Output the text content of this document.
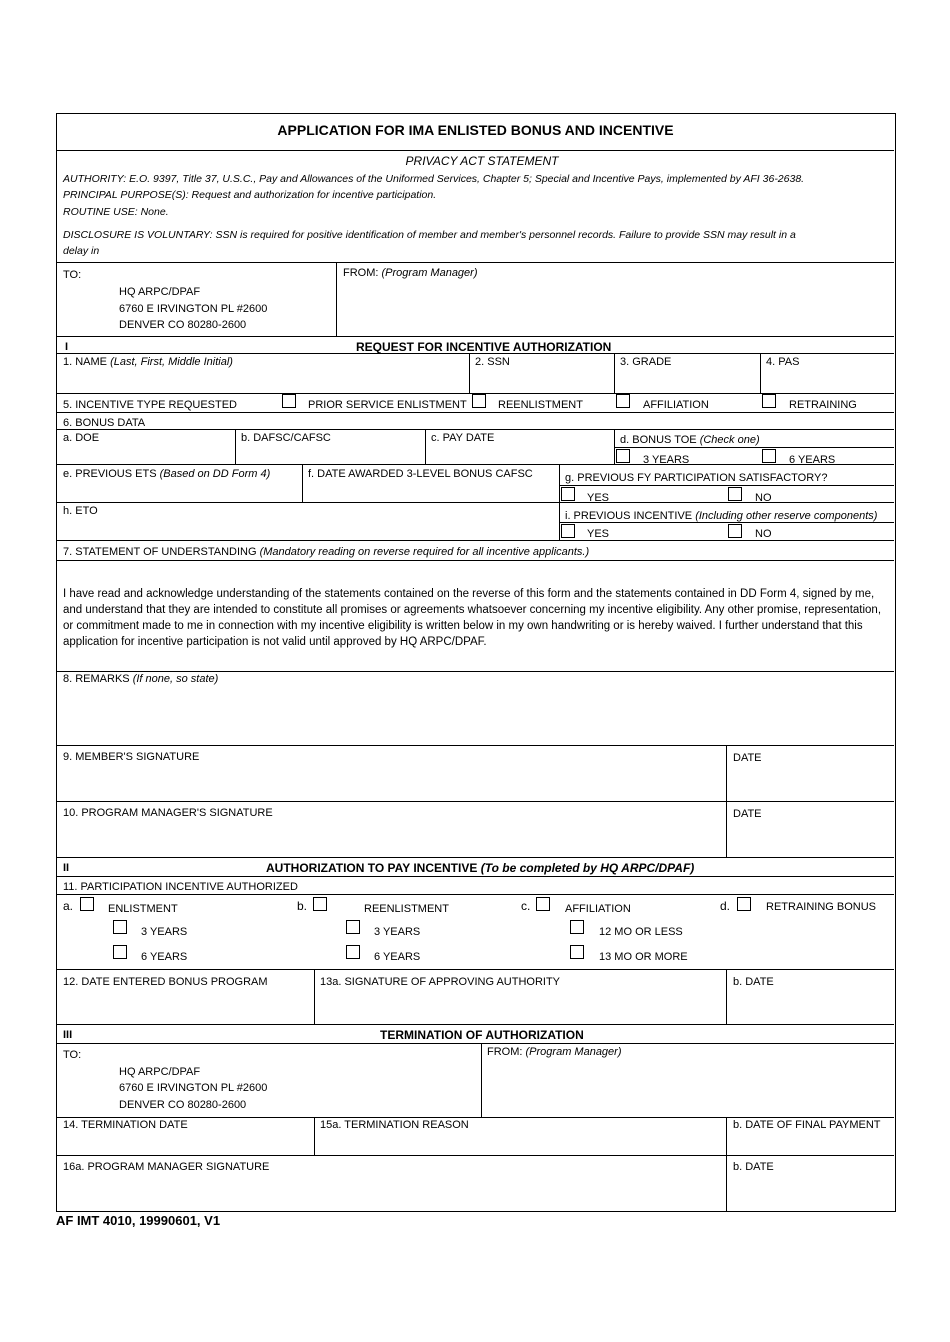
APPLICATION FOR IMA ENLISTED BONUS AND INCENTIVE
PRIVACY ACT STATEMENT
AUTHORITY: E.O. 9397, Title 37, U.S.C., Pay and Allowances of the Uniformed Services, Chapter 5; Special and Incentive Pays, implemented by AFI 36-2638.
PRINCIPAL PURPOSE(S): Request and authorization for incentive participation.
ROUTINE USE: None.
DISCLOSURE IS VOLUNTARY: SSN is required for positive identification of member and member's personnel records. Failure to provide SSN may result in a
delay in
TO:
HQ ARPC/DPAF
6760 E IRVINGTON PL #2600
DENVER CO 80280-2600
FROM: (Program Manager)
I	REQUEST FOR INCENTIVE AUTHORIZATION
1. NAME (Last, First, Middle Initial)	2. SSN	3. GRADE	4. PAS
5. INCENTIVE TYPE REQUESTED	PRIOR SERVICE ENLISTMENT	REENLISTMENT	AFFILIATION	RETRAINING
6. BONUS DATA
a. DOE	b. DAFSC/CAFSC	c. PAY DATE	d. BONUS TOE (Check one)
3 YEARS	6 YEARS
e. PREVIOUS ETS (Based on DD Form 4)	f. DATE AWARDED 3-LEVEL BONUS CAFSC	g. PREVIOUS FY PARTICIPATION SATISFACTORY?
YES	NO
h. ETO	i. PREVIOUS INCENTIVE (Including other reserve components)
YES	NO
7. STATEMENT OF UNDERSTANDING (Mandatory reading on reverse required for all incentive applicants.)
I have read and acknowledge understanding of the statements contained on the reverse of this form and the statements contained in DD Form 4, signed by me, and understand that they are intended to constitute all promises or agreements whatsoever concerning my incentive eligibility. Any other promise, representation, or commitment made to me in connection with my incentive eligibility is written below in my own handwriting or is hereby waived. I further understand that this application for incentive participation is not valid until approved by HQ ARPC/DPAF.
8. REMARKS (If none, so state)
9. MEMBER'S SIGNATURE	DATE
10. PROGRAM MANAGER'S SIGNATURE	DATE
II	AUTHORIZATION TO PAY INCENTIVE (To be completed by HQ ARPC/DPAF)
11. PARTICIPATION INCENTIVE AUTHORIZED
a.	ENLISTMENT
3 YEARS
6 YEARS
b.	REENLISTMENT
3 YEARS
6 YEARS
c.	AFFILIATION
12 MO OR LESS
13 MO OR MORE
d.	RETRAINING BONUS
12. DATE ENTERED BONUS PROGRAM	13a. SIGNATURE OF APPROVING AUTHORITY	b. DATE
III	TERMINATION OF AUTHORIZATION
TO:
HQ ARPC/DPAF
6760 E IRVINGTON PL #2600
DENVER CO 80280-2600
FROM: (Program Manager)
14. TERMINATION DATE	15a. TERMINATION REASON	b. DATE OF FINAL PAYMENT
16a. PROGRAM MANAGER SIGNATURE	b. DATE
AF IMT 4010, 19990601, V1
